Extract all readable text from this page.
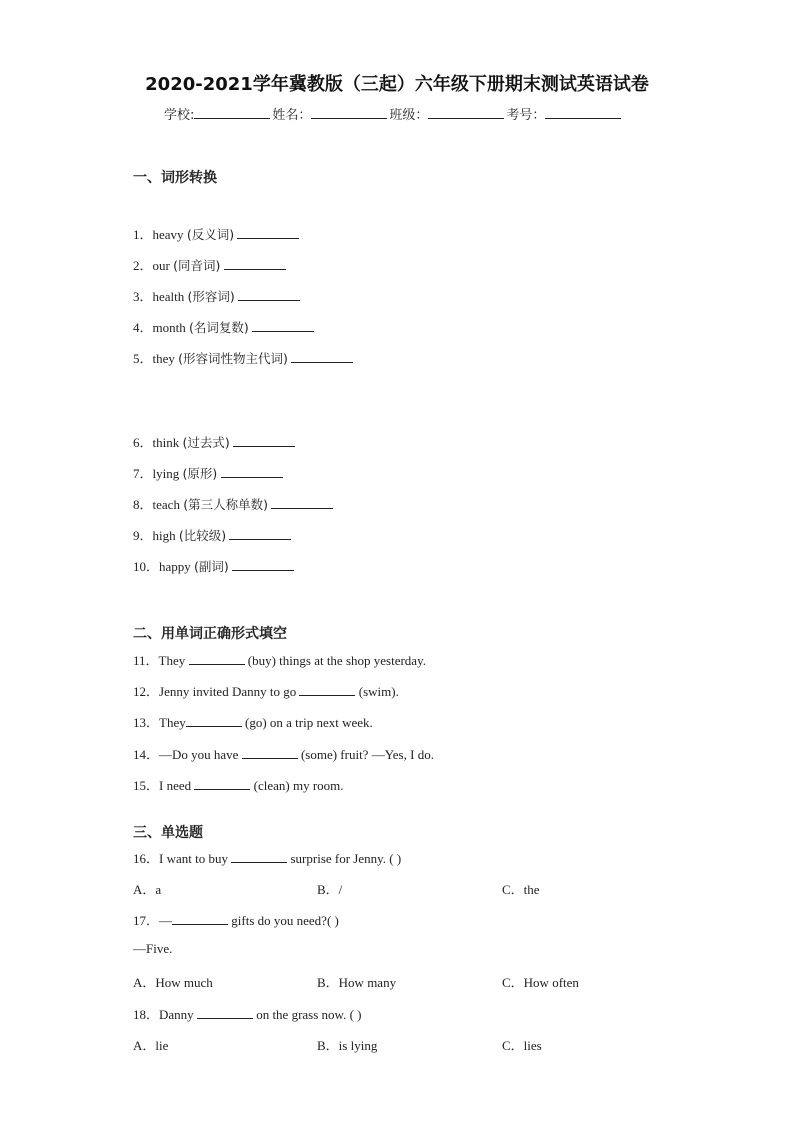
2020-2021学年冀教版（三起）六年级下册期末测试英语试卷
学校:	姓名：	班级：	考号：
一、词形转换
1．heavy (反义词)
2．our (同音词)
3．health (形容词)
4．month (名词复数)
5．they (形容词性物主代词)
6．think (过去式)
7．lying (原形)
8．teach (第三人称单数)
9．high (比较级)
10．happy (副词)
二、用单词正确形式填空
11．They	(buy) things at the shop yesterday.
12．Jenny invited Danny to go	(swim).
13．They	(go) on a trip next week.
14．—Do you have	(some) fruit? —Yes, I do.
15．I need	(clean) my room.
三、单选题
16．I want to buy	surprise for Jenny. ( )
A．a	B．/	C．the
17．—	gifts do you need?( )
—Five.
A．How much	B．How many	C．How often
18．Danny	on the grass now. ( )
A．lie	B．is lying	C．lies
